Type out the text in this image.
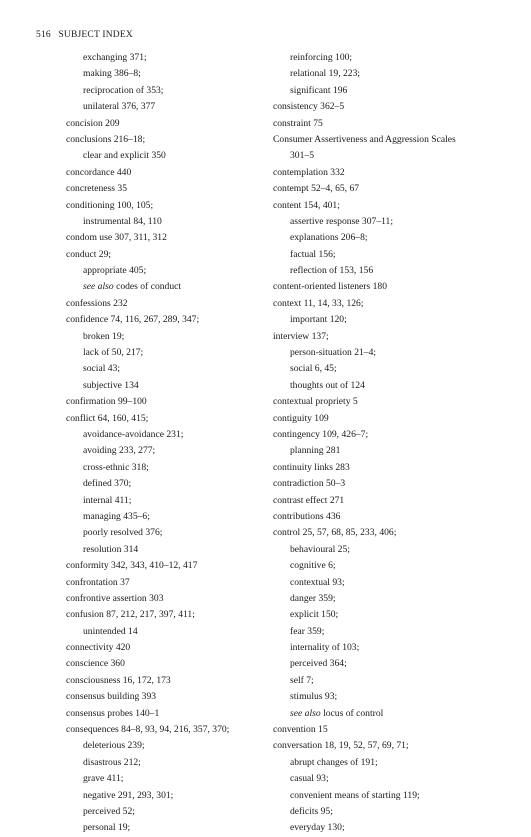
516 SUBJECT INDEX
exchanging 371;
making 386–8;
reciprocation of 353;
unilateral 376, 377
concision 209
conclusions 216–18;
clear and explicit 350
concordance 440
concreteness 35
conditioning 100, 105;
instrumental 84, 110
condom use 307, 311, 312
conduct 29;
appropriate 405;
see also codes of conduct
confessions 232
confidence 74, 116, 267, 289, 347;
broken 19;
lack of 50, 217;
social 43;
subjective 134
confirmation 99–100
conflict 64, 160, 415;
avoidance-avoidance 231;
avoiding 233, 277;
cross-ethnic 318;
defined 370;
internal 411;
managing 435–6;
poorly resolved 376;
resolution 314
conformity 342, 343, 410–12, 417
confrontation 37
confrontive assertion 303
confusion 87, 212, 217, 397, 411;
unintended 14
connectivity 420
conscience 360
consciousness 16, 172, 173
consensus building 393
consensus probes 140–1
consequences 84–8, 93, 94, 216, 357, 370;
deleterious 239;
disastrous 212;
grave 411;
negative 291, 293, 301;
perceived 52;
personal 19;
reinforcing 100;
relational 19, 223;
significant 196
consistency 362–5
constraint 75
Consumer Assertiveness and Aggression Scales
301–5
contemplation 332
contempt 52–4, 65, 67
content 154, 401;
assertive response 307–11;
explanations 206–8;
factual 156;
reflection of 153, 156
content-oriented listeners 180
context 11, 14, 33, 126;
important 120;
interview 137;
person-situation 21–4;
social 6, 45;
thoughts out of 124
contextual propriety 5
contiguity 109
contingency 109, 426–7;
planning 281
continuity links 283
contradiction 50–3
contrast effect 271
contributions 436
control 25, 57, 68, 85, 233, 406;
behavioural 25;
cognitive 6;
contextual 93;
danger 359;
explicit 150;
fear 359;
internality of 103;
perceived 364;
self 7;
stimulus 93;
see also locus of control
convention 15
conversation 18, 19, 52, 57, 69, 71;
abrupt changes of 191;
casual 93;
convenient means of starting 119;
deficits 95;
everyday 130;
